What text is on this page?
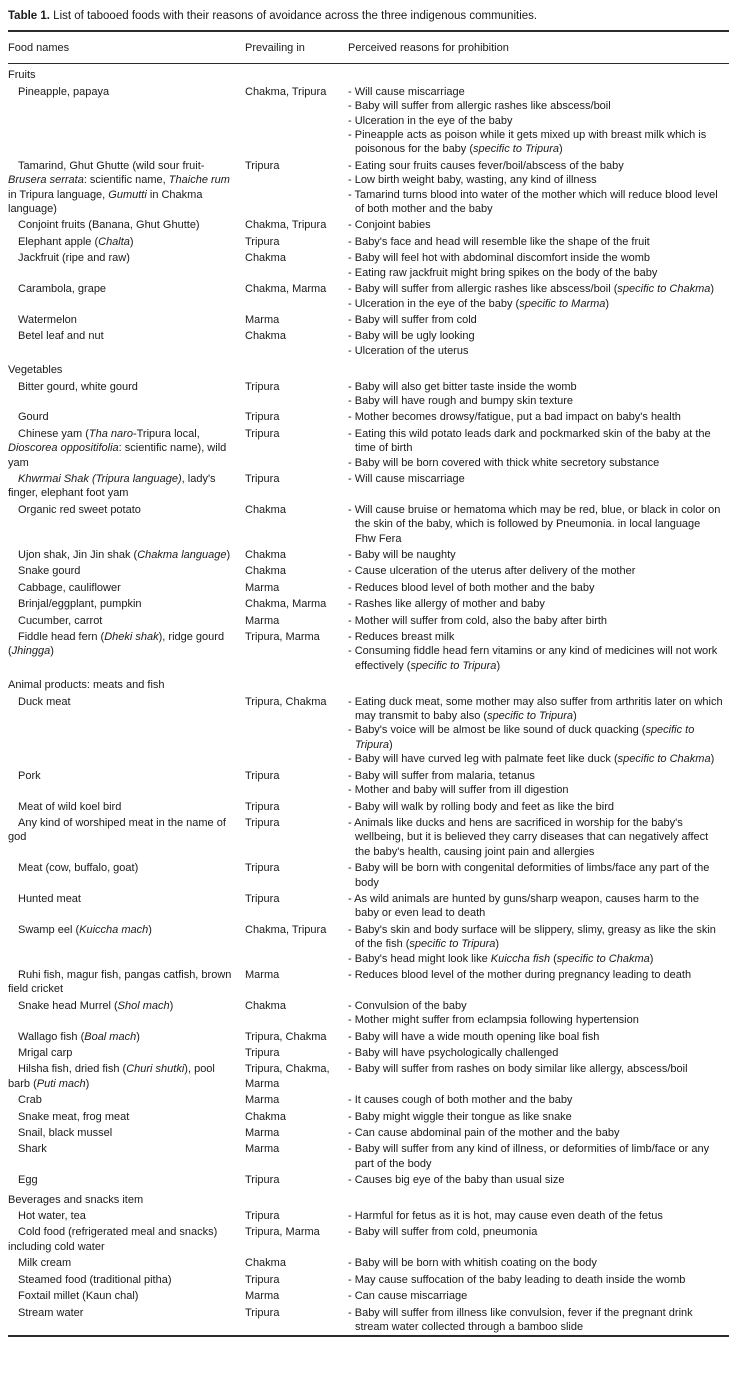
Table 1. List of tabooed foods with their reasons of avoidance across the three indigenous communities.
Food names	Prevailing in	Perceived reasons for prohibition
Fruits		
Pineapple, papaya	Chakma, Tripura	- Will cause miscarriage
- Baby will suffer from allergic rashes like abscess/boil
- Ulceration in the eye of the baby
- Pineapple acts as poison while it gets mixed up with breast milk which is poisonous for the baby (specific to Tripura)

Tamarind, Ghut Ghutte (wild sour fruit-Brusera serrata: scientific name, Thaiche rum in Tripura language, Gumutti in Chakma language)	Tripura	- Eating sour fruits causes fever/boil/abscess of the baby
- Low birth weight baby, wasting, any kind of illness
- Tamarind turns blood into water of the mother which will reduce blood level of both mother and the baby

Conjoint fruits (Banana, Ghut Ghutte)	Chakma, Tripura	- Conjoint babies

Elephant apple (Chalta)	Tripura	- Baby's face and head will resemble like the shape of the fruit

Jackfruit (ripe and raw)	Chakma	- Baby will feel hot with abdominal discomfort inside the womb
- Eating raw jackfruit might bring spikes on the body of the baby

Carambola, grape	Chakma, Marma	- Baby will suffer from allergic rashes like abscess/boil (specific to Chakma)
- Ulceration in the eye of the baby (specific to Marma)

Watermelon	Marma	- Baby will suffer from cold

Betel leaf and nut	Chakma	- Baby will be ugly looking
- Ulceration of the uterus

Vegetables		
Bitter gourd, white gourd	Tripura	- Baby will also get bitter taste inside the womb
- Baby will have rough and bumpy skin texture

Gourd	Tripura	- Mother becomes drowsy/fatigue, put a bad impact on baby's health

Chinese yam (Tha naro-Tripura local, Dioscorea oppositifolia: scientific name), wild yam	Tripura	- Eating this wild potato leads dark and pockmarked skin of the baby at the time of birth
- Baby will be born covered with thick white secretory substance

Khwrmai Shak (Tripura language), lady's finger, elephant foot yam	Tripura	- Will cause miscarriage

Organic red sweet potato	Chakma	- Will cause bruise or hematoma which may be red, blue, or black in color on the skin of the baby, which is followed by Pneumonia. in local language Fhw Fera

Ujon shak, Jin Jin shak (Chakma language)	Chakma	- Baby will be naughty

Snake gourd	Chakma	- Cause ulceration of the uterus after delivery of the mother

Cabbage, cauliflower	Marma	- Reduces blood level of both mother and the baby

Brinjal/eggplant, pumpkin	Chakma, Marma	- Rashes like allergy of mother and baby

Cucumber, carrot	Marma	- Mother will suffer from cold, also the baby after birth

Fiddle head fern (Dheki shak), ridge gourd (Jhingga)	Tripura, Marma	- Reduces breast milk
- Consuming fiddle head fern vitamins or any kind of medicines will not work effectively (specific to Tripura)

Animal products: meats and fish		
Duck meat	Tripura, Chakma	- Eating duck meat, some mother may also suffer from arthritis later on which may transmit to baby also (specific to Tripura)
- Baby's voice will be almost be like sound of duck quacking (specific to Tripura)
- Baby will have curved leg with palmate feet like duck (specific to Chakma)

Pork	Tripura	- Baby will suffer from malaria, tetanus
- Mother and baby will suffer from ill digestion

Meat of wild koel bird	Tripura	- Baby will walk by rolling body and feet as like the bird

Any kind of worshiped meat in the name of god	Tripura	- Animals like ducks and hens are sacrificed in worship for the baby's wellbeing, but it is believed they carry diseases that can negatively affect the baby's health, causing joint pain and allergies

Meat (cow, buffalo, goat)	Tripura	- Baby will be born with congenital deformities of limbs/face any part of the body

Hunted meat	Tripura	- As wild animals are hunted by guns/sharp weapon, causes harm to the baby or even lead to death

Swamp eel (Kuiccha mach)	Chakma, Tripura	- Baby's skin and body surface will be slippery, slimy, greasy as like the skin of the fish (specific to Tripura)
- Baby's head might look like Kuiccha fish (specific to Chakma)

Ruhi fish, magur fish, pangas catfish, brown field cricket	Marma	- Reduces blood level of the mother during pregnancy leading to death

Snake head Murrel (Shol mach)	Chakma	- Convulsion of the baby
- Mother might suffer from eclampsia following hypertension

Wallago fish (Boal mach)	Tripura, Chakma	- Baby will have a wide mouth opening like boal fish

Mrigal carp	Tripura	- Baby will have psychologically challenged

Hilsha fish, dried fish (Churi shutki), pool barb (Puti mach)	Tripura, Chakma, Marma	- Baby will suffer from rashes on body similar like allergy, abscess/boil

Crab	Marma	- It causes cough of both mother and the baby

Snake meat, frog meat	Chakma	- Baby might wiggle their tongue as like snake

Snail, black mussel	Marma	- Can cause abdominal pain of the mother and the baby

Shark	Marma	- Baby will suffer from any kind of illness, or deformities of limb/face or any part of the body

Egg	Tripura	- Causes big eye of the baby than usual size

Beverages and snacks item		
Hot water, tea	Tripura	- Harmful for fetus as it is hot, may cause even death of the fetus

Cold food (refrigerated meal and snacks) including cold water	Tripura, Marma	- Baby will suffer from cold, pneumonia

Milk cream	Chakma	- Baby will be born with whitish coating on the body

Steamed food (traditional pitha)	Tripura	- May cause suffocation of the baby leading to death inside the womb

Foxtail millet (Kaun chal)	Marma	- Can cause miscarriage

Stream water	Tripura	- Baby will suffer from illness like convulsion, fever if the pregnant drink stream water collected through a bamboo slide
